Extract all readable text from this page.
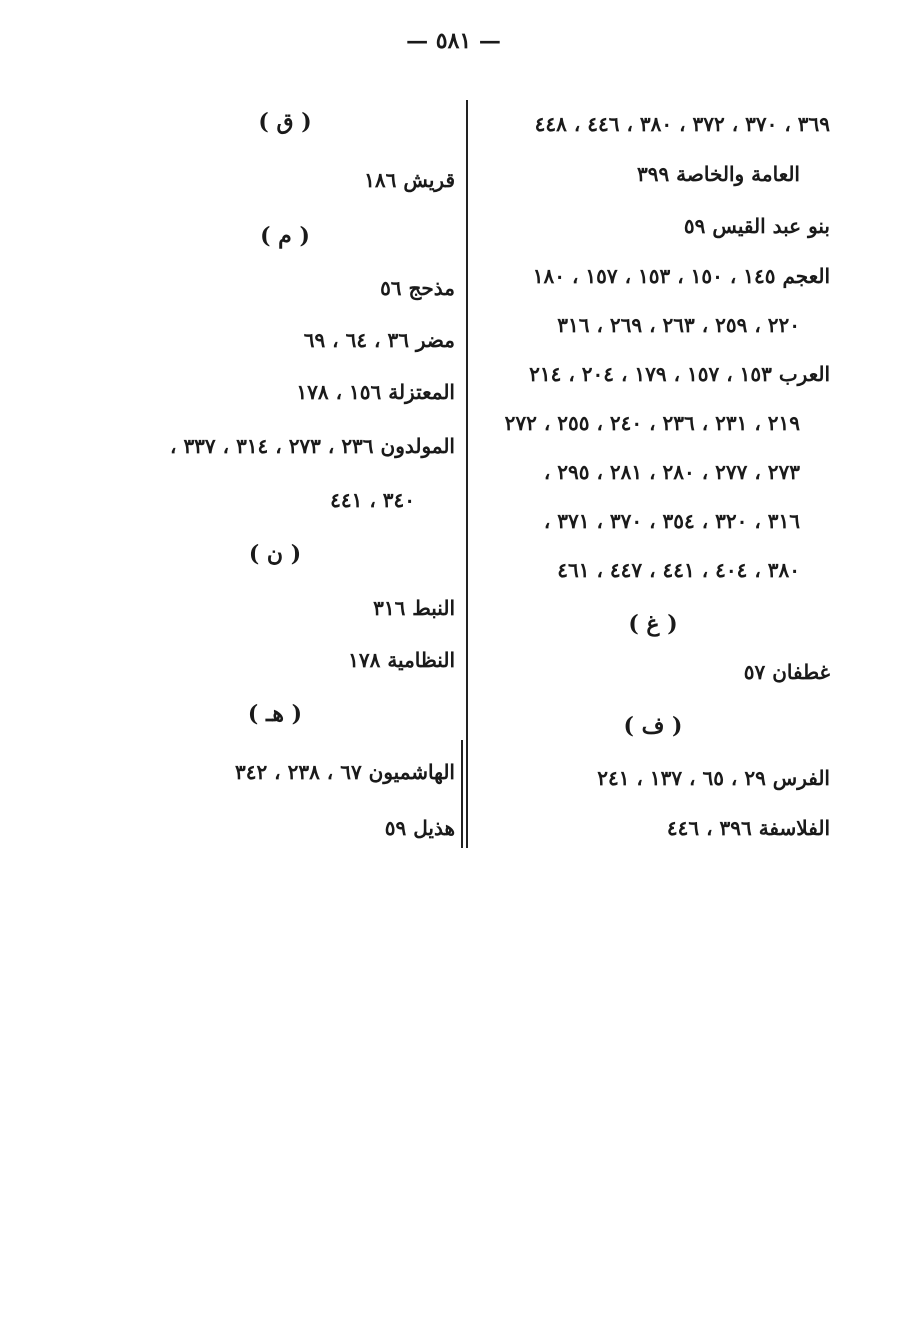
— ٥٨١ —
٣٦٩ ، ٣٧٠ ، ٣٧٢ ، ٣٨٠ ، ٤٤٦ ، ٤٤٨
العامة والخاصة ٣٩٩
بنو عبد القيس ٥٩
العجم ١٤٥ ، ١٥٠ ، ١٥٣ ، ١٥٧ ، ١٨٠
٢٢٠ ، ٢٥٩ ، ٢٦٣ ، ٢٦٩ ، ٣١٦
العرب ١٥٣ ، ١٥٧ ، ١٧٩ ، ٢٠٤ ، ٢١٤
٢١٩ ، ٢٣١ ، ٢٣٦ ، ٢٤٠ ، ٢٥٥ ، ٢٧٢
٢٧٣ ، ٢٧٧ ، ٢٨٠ ، ٢٨١ ، ٢٩٥ ،
٣١٦ ، ٣٢٠ ، ٣٥٤ ، ٣٧٠ ، ٣٧١ ،
٣٨٠ ، ٤٠٤ ، ٤٤١ ، ٤٤٧ ، ٤٦١
( غ )
غطفان ٥٧
( ف )
الفرس ٢٩ ، ٦٥ ، ١٣٧ ، ٢٤١
الفلاسفة ٣٩٦ ، ٤٤٦
( ق )
قريش ١٨٦
( م )
مذحج ٥٦
مضر ٣٦ ، ٦٤ ، ٦٩
المعتزلة ١٥٦ ، ١٧٨
المولدون ٢٣٦ ، ٢٧٣ ، ٣١٤ ، ٣٣٧ ،
٣٤٠ ، ٤٤١
( ن )
النبط ٣١٦
النظامية ١٧٨
( هـ )
الهاشميون ٦٧ ، ٢٣٨ ، ٣٤٢
هذيل ٥٩
